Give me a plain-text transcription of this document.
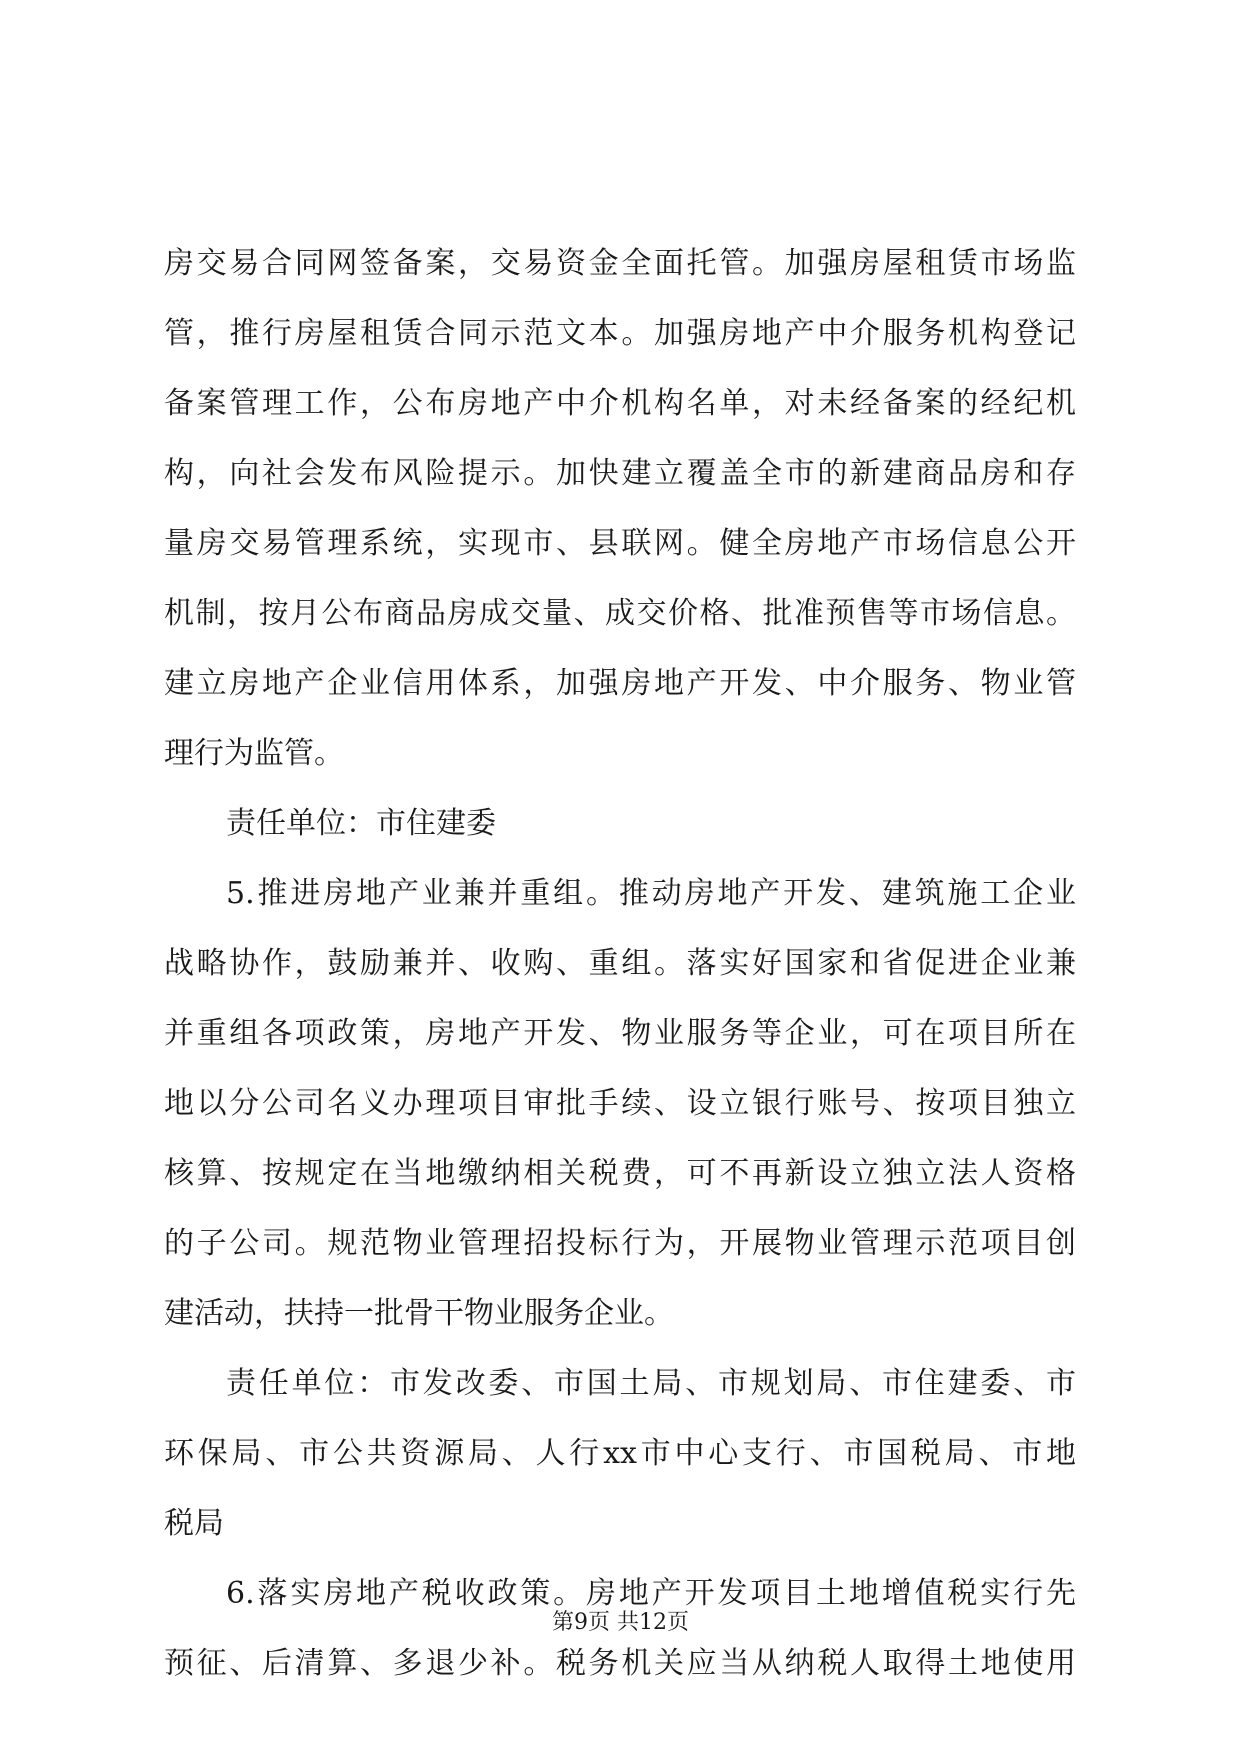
房交易合同网签备案，交易资金全面托管。加强房屋租赁市场监
管，推行房屋租赁合同示范文本。加强房地产中介服务机构登记
备案管理工作，公布房地产中介机构名单，对未经备案的经纪机
构，向社会发布风险提示。加快建立覆盖全市的新建商品房和存
量房交易管理系统，实现市、县联网。健全房地产市场信息公开
机制，按月公布商品房成交量、成交价格、批准预售等市场信息。
建立房地产企业信用体系，加强房地产开发、中介服务、物业管
理行为监管。
责任单位：市住建委
5.推进房地产业兼并重组。推动房地产开发、建筑施工企业
战略协作，鼓励兼并、收购、重组。落实好国家和省促进企业兼
并重组各项政策，房地产开发、物业服务等企业，可在项目所在
地以分公司名义办理项目审批手续、设立银行账号、按项目独立
核算、按规定在当地缴纳相关税费，可不再新设立独立法人资格
的子公司。规范物业管理招投标行为，开展物业管理示范项目创
建活动，扶持一批骨干物业服务企业。
责任单位：市发改委、市国土局、市规划局、市住建委、市
环保局、市公共资源局、人行xx市中心支行、市国税局、市地
税局
6.落实房地产税收政策。房地产开发项目土地增值税实行先
预征、后清算、多退少补。税务机关应当从纳税人取得土地使用
第9页 共12页
